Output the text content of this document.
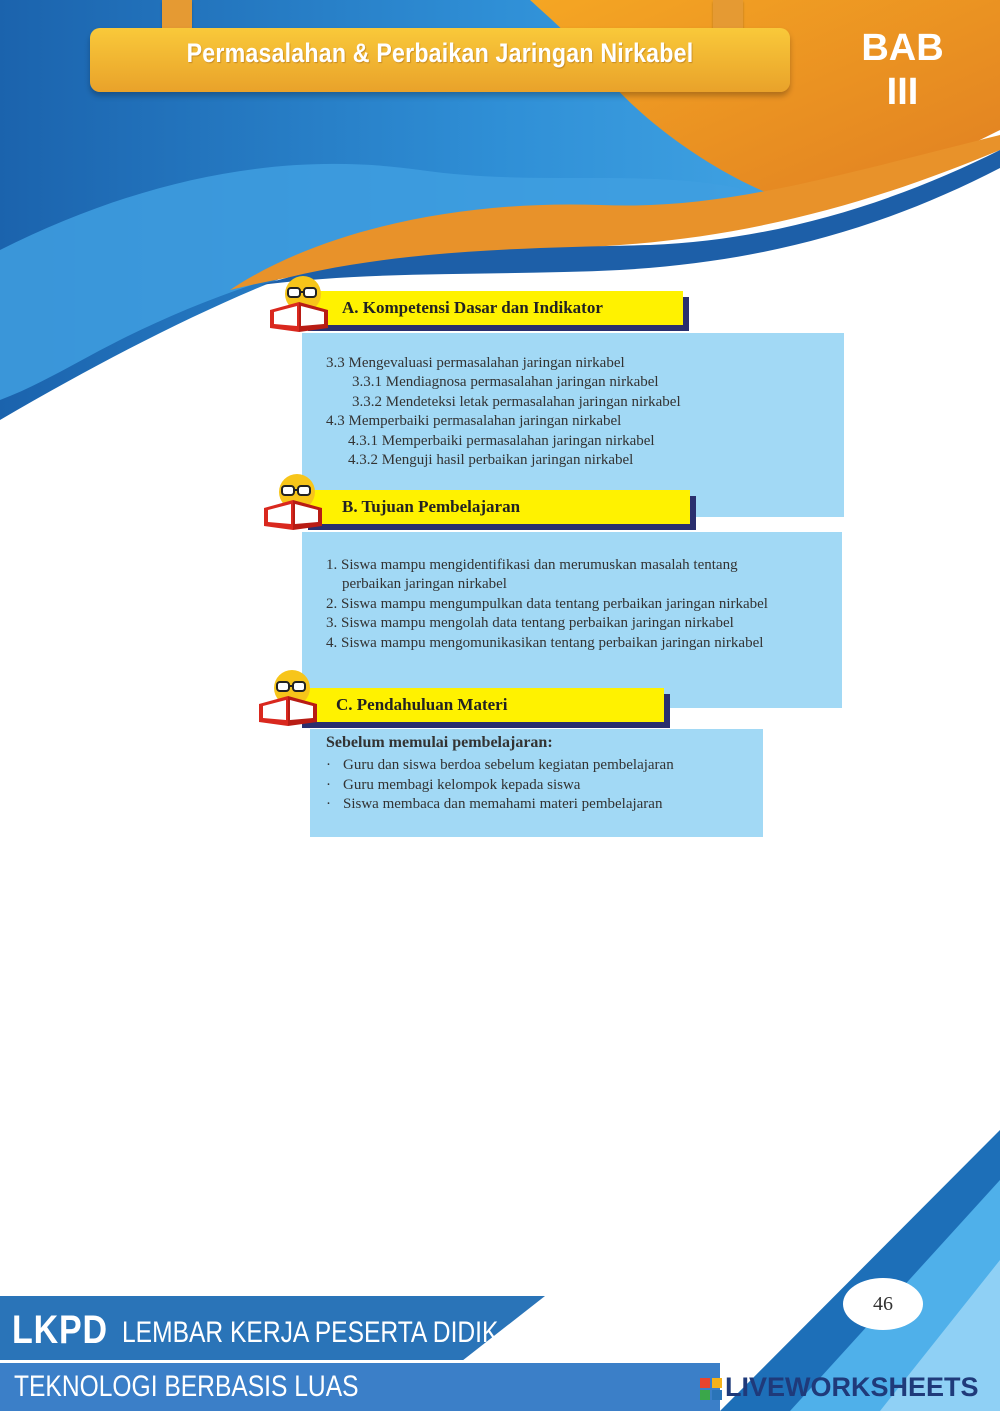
Permasalahan & Perbaikan Jaringan Nirkabel	BAB
III
A. Kompetensi Dasar dan Indikator
3.3 Mengevaluasi permasalahan jaringan nirkabel
3.3.1 Mendiagnosa permasalahan jaringan nirkabel
3.3.2 Mendeteksi letak permasalahan jaringan nirkabel
4.3 Memperbaiki permasalahan jaringan nirkabel
4.3.1 Memperbaiki permasalahan jaringan nirkabel
4.3.2 Menguji hasil perbaikan jaringan nirkabel
B. Tujuan Pembelajaran
1. Siswa mampu mengidentifikasi dan merumuskan masalah tentang
perbaikan jaringan nirkabel
2. Siswa mampu mengumpulkan data tentang perbaikan jaringan nirkabel
3. Siswa mampu mengolah data tentang perbaikan jaringan nirkabel
4. Siswa mampu mengomunikasikan tentang perbaikan jaringan nirkabel
C. Pendahuluan Materi
Sebelum memulai pembelajaran:
· Guru dan siswa berdoa sebelum kegiatan pembelajaran
· Guru membagi kelompok kepada siswa
· Siswa membaca dan memahami materi pembelajaran
46
LKPD LEMBAR KERJA PESERTA DIDIK
TEKNOLOGI BERBASIS LUAS	LIVEWORKSHEETS
